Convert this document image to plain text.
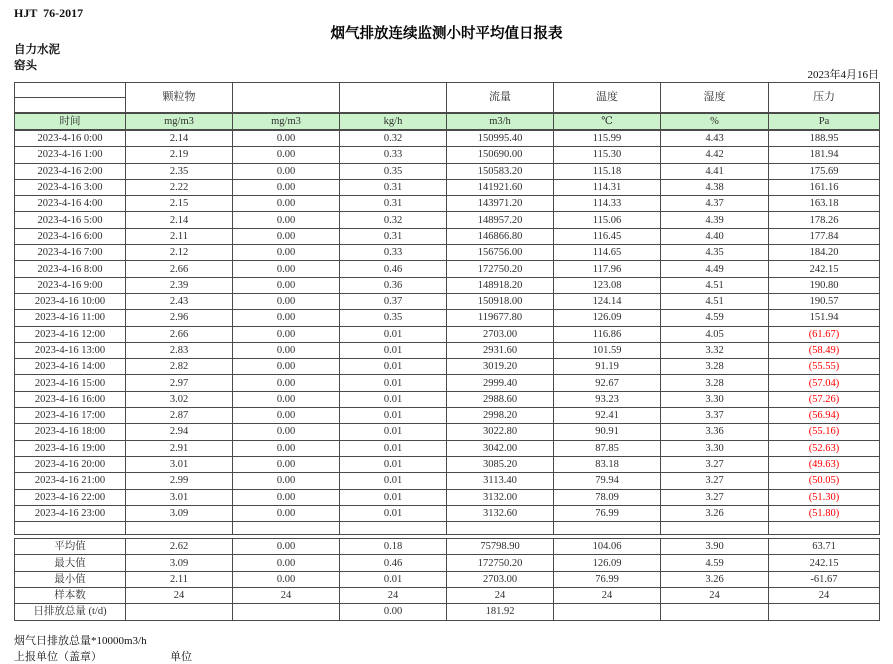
HJT  76-2017
烟气排放连续监测小时平均值日报表
自力水泥
窑头
2023年4月16日
	颗粒物			流量	温度	湿度	压力

时间	mg/m3	mg/m3	kg/h	m3/h	℃	%	Pa
2023-4-16 0:00	2.14	0.00	0.32	150995.40	115.99	4.43	188.95
2023-4-16 1:00	2.19	0.00	0.33	150690.00	115.30	4.42	181.94
2023-4-16 2:00	2.35	0.00	0.35	150583.20	115.18	4.41	175.69
2023-4-16 3:00	2.22	0.00	0.31	141921.60	114.31	4.38	161.16
2023-4-16 4:00	2.15	0.00	0.31	143971.20	114.33	4.37	163.18
2023-4-16 5:00	2.14	0.00	0.32	148957.20	115.06	4.39	178.26
2023-4-16 6:00	2.11	0.00	0.31	146866.80	116.45	4.40	177.84
2023-4-16 7:00	2.12	0.00	0.33	156756.00	114.65	4.35	184.20
2023-4-16 8:00	2.66	0.00	0.46	172750.20	117.96	4.49	242.15
2023-4-16 9:00	2.39	0.00	0.36	148918.20	123.08	4.51	190.80
2023-4-16 10:00	2.43	0.00	0.37	150918.00	124.14	4.51	190.57
2023-4-16 11:00	2.96	0.00	0.35	119677.80	126.09	4.59	151.94
2023-4-16 12:00	2.66	0.00	0.01	2703.00	116.86	4.05	(61.67)
2023-4-16 13:00	2.83	0.00	0.01	2931.60	101.59	3.32	(58.49)
2023-4-16 14:00	2.82	0.00	0.01	3019.20	91.19	3.28	(55.55)
2023-4-16 15:00	2.97	0.00	0.01	2999.40	92.67	3.28	(57.04)
2023-4-16 16:00	3.02	0.00	0.01	2988.60	93.23	3.30	(57.26)
2023-4-16 17:00	2.87	0.00	0.01	2998.20	92.41	3.37	(56.94)
2023-4-16 18:00	2.94	0.00	0.01	3022.80	90.91	3.36	(55.16)
2023-4-16 19:00	2.91	0.00	0.01	3042.00	87.85	3.30	(52.63)
2023-4-16 20:00	3.01	0.00	0.01	3085.20	83.18	3.27	(49.63)
2023-4-16 21:00	2.99	0.00	0.01	3113.40	79.94	3.27	(50.05)
2023-4-16 22:00	3.01	0.00	0.01	3132.00	78.09	3.27	(51.30)
2023-4-16 23:00	3.09	0.00	0.01	3132.60	76.99	3.26	(51.80)

平均值	2.62	0.00	0.18	75798.90	104.06	3.90	63.71
最大值	3.09	0.00	0.46	172750.20	126.09	4.59	242.15
最小值	2.11	0.00	0.01	2703.00	76.99	3.26	-61.67
样本数	24	24	24	24	24	24	24
日排放总量 (t/d)			0.00	181.92			
烟气日排放总量*10000m3/h
上报单位（盖章）	单位
